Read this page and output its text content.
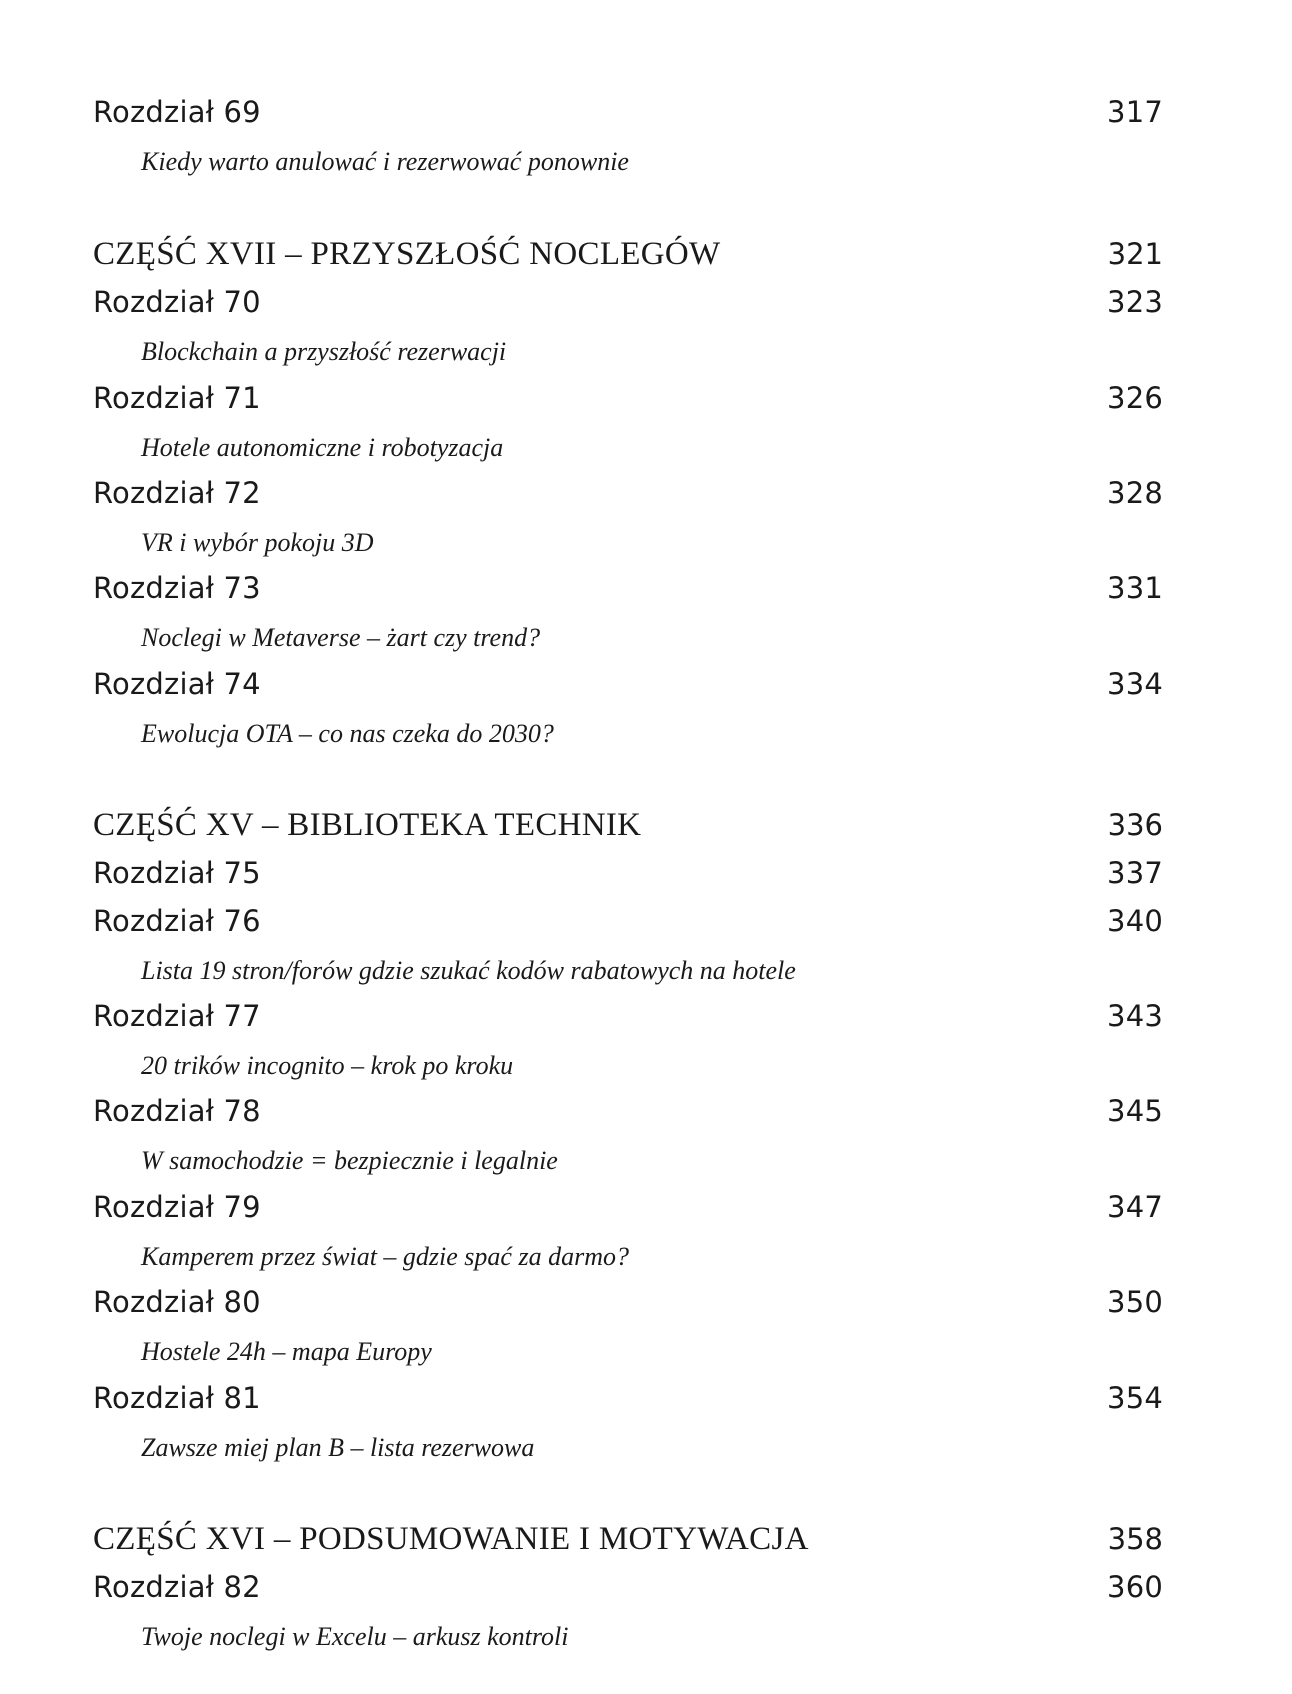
Rozdział 69	317
Kiedy warto anulować i rezerwować ponownie
CZĘŚĆ XVII – PRZYSZŁOŚĆ NOCLEGÓW	321
Rozdział 70	323
Blockchain a przyszłość rezerwacji
Rozdział 71	326
Hotele autonomiczne i robotyzacja
Rozdział 72	328
VR i wybór pokoju 3D
Rozdział 73	331
Noclegi w Metaverse – żart czy trend?
Rozdział 74	334
Ewolucja OTA – co nas czeka do 2030?
CZĘŚĆ XV – BIBLIOTEKA TECHNIK	336
Rozdział 75	337
Rozdział 76	340
Lista 19 stron/forów gdzie szukać kodów rabatowych na hotele
Rozdział 77	343
20 trików incognito – krok po kroku
Rozdział 78	345
W samochodzie = bezpiecznie i legalnie
Rozdział 79	347
Kamperem przez świat – gdzie spać za darmo?
Rozdział 80	350
Hostele 24h – mapa Europy
Rozdział 81	354
Zawsze miej plan B – lista rezerwowa
CZĘŚĆ XVI – PODSUMOWANIE I MOTYWACJA	358
Rozdział 82	360
Twoje noclegi w Excelu – arkusz kontroli
